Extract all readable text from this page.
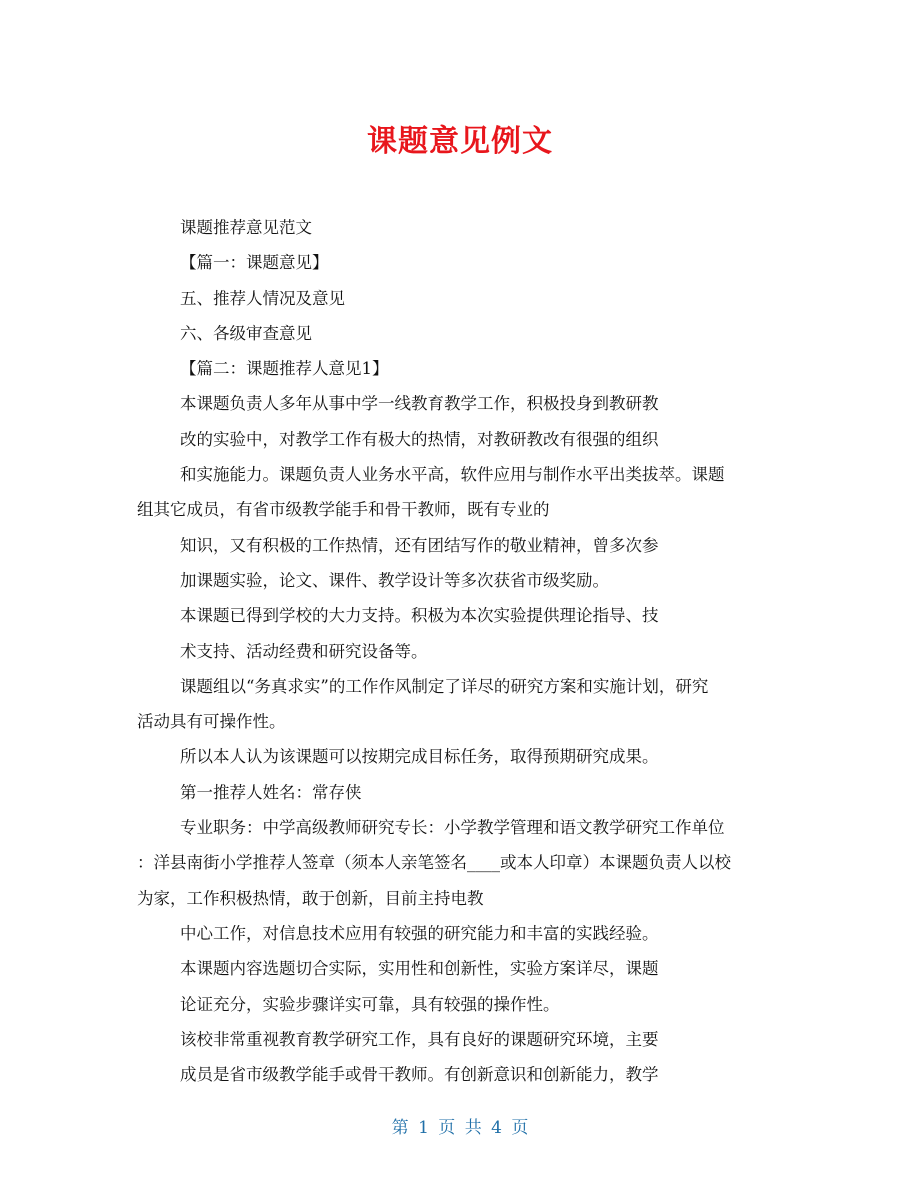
课题意见例文
课题推荐意见范文
【篇一：课题意见】
五、推荐人情况及意见
六、各级审查意见
【篇二：课题推荐人意见1】
本课题负责人多年从事中学一线教育教学工作，积极投身到教研教
改的实验中，对教学工作有极大的热情，对教研教改有很强的组织
和实施能力。课题负责人业务水平高，软件应用与制作水平出类拔萃。课题
组其它成员，有省市级教学能手和骨干教师，既有专业的
知识，又有积极的工作热情，还有团结写作的敬业精神，曾多次参
加课题实验，论文、课件、教学设计等多次获省市级奖励。
本课题已得到学校的大力支持。积极为本次实验提供理论指导、技
术支持、活动经费和研究设备等。
课题组以“务真求实”的工作作风制定了详尽的研究方案和实施计划，研究
活动具有可操作性。
所以本人认为该课题可以按期完成目标任务，取得预期研究成果。
第一推荐人姓名：常存侠
专业职务：中学高级教师研究专长：小学教学管理和语文教学研究工作单位
：洋县南街小学推荐人签章（须本人亲笔签名____或本人印章）本课题负责人以校
为家，工作积极热情，敢于创新，目前主持电教
中心工作，对信息技术应用有较强的研究能力和丰富的实践经验。
本课题内容选题切合实际，实用性和创新性，实验方案详尽，课题
论证充分，实验步骤详实可靠，具有较强的操作性。
该校非常重视教育教学研究工作，具有良好的课题研究环境，主要
成员是省市级教学能手或骨干教师。有创新意识和创新能力，教学
第 1 页 共 4 页
